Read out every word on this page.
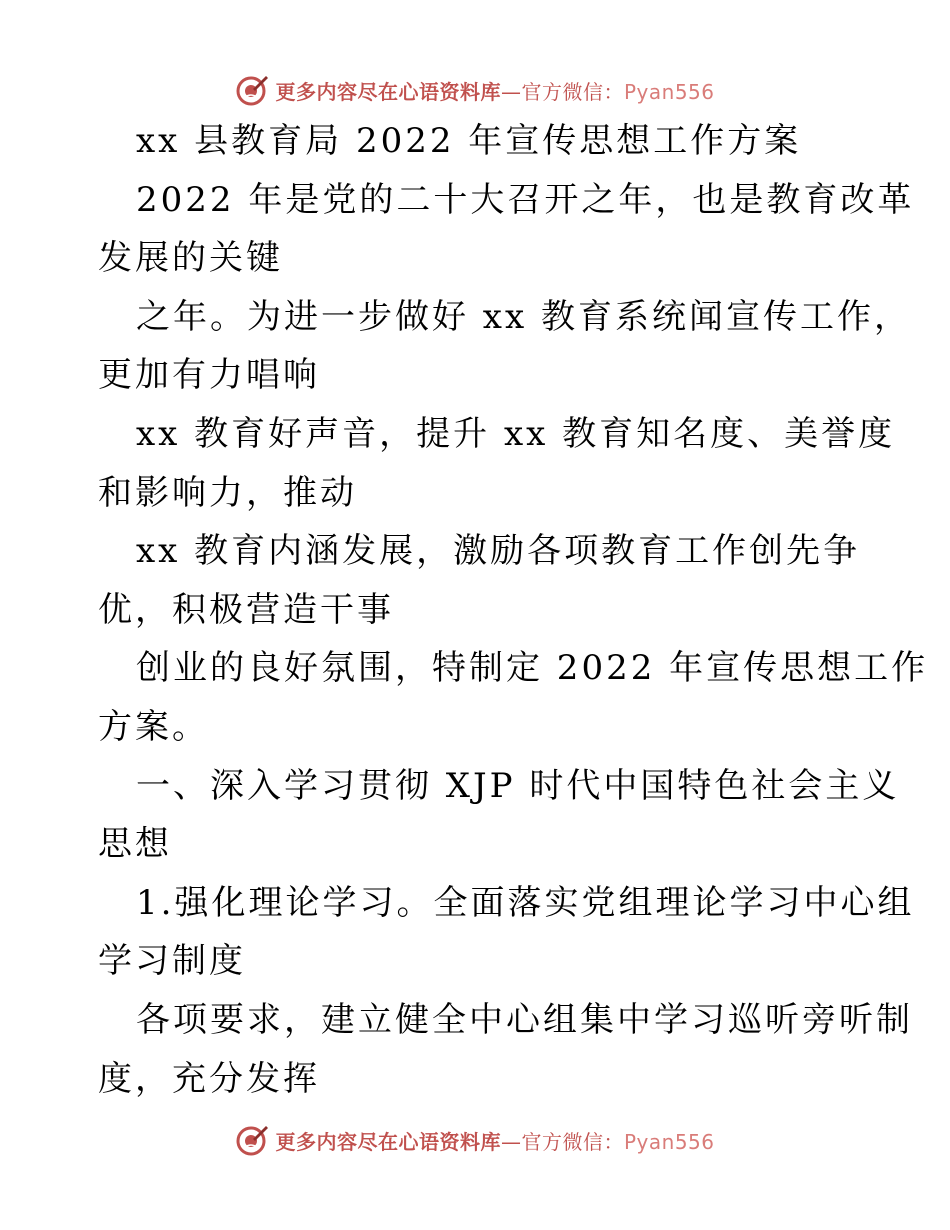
更多内容尽在心语资料库—官方微信：Pyan556
xx 县教育局 2022 年宣传思想工作方案
2022 年是党的二十大召开之年，也是教育改革
发展的关键
之年。为进一步做好 xx 教育系统闻宣传工作，
更加有力唱响
xx 教育好声音，提升 xx 教育知名度、美誉度
和影响力，推动
xx 教育内涵发展，激励各项教育工作创先争
优，积极营造干事
创业的良好氛围，特制定 2022 年宣传思想工作
方案。
一、深入学习贯彻 XJP 时代中国特色社会主义
思想
1.强化理论学习。全面落实党组理论学习中心组
学习制度
各项要求，建立健全中心组集中学习巡听旁听制
度，充分发挥
更多内容尽在心语资料库—官方微信：Pyan556
